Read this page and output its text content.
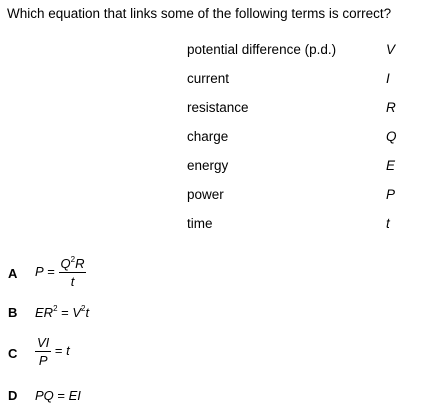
Which equation that links some of the following terms is correct?
potential difference (p.d.)	V
current	I
resistance	R
charge	Q
energy	E
power	P
time	t
A $P = \frac{Q^2R}{t}$
B $ER^2 = V^2t$
C $\frac{VI}{P} = t$
D PQ = EI
